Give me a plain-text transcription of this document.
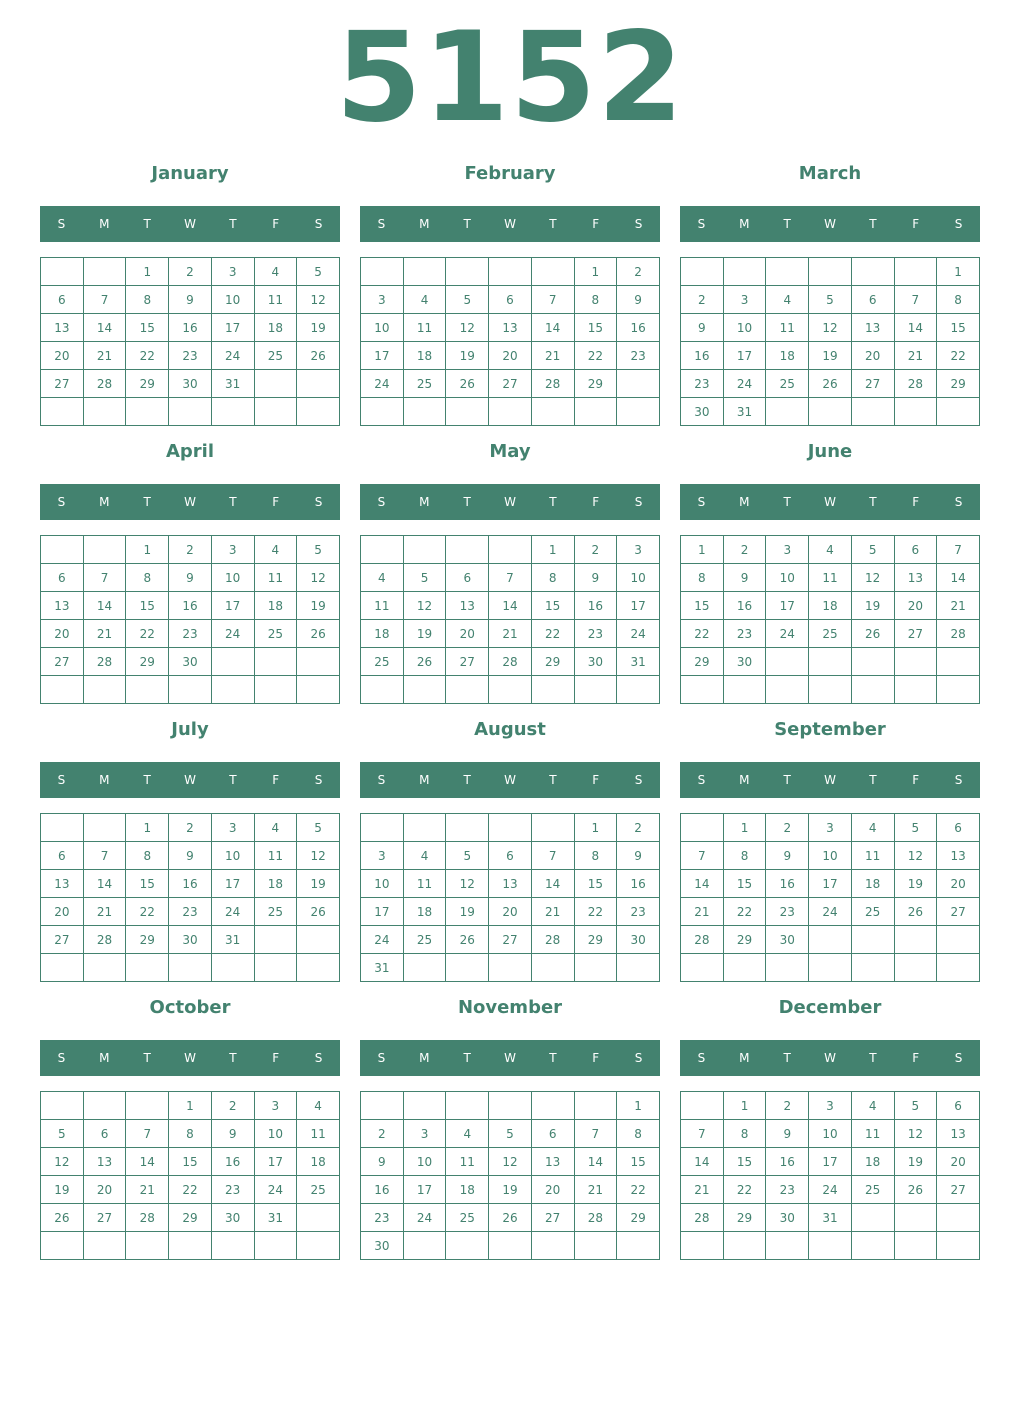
5152
January
S	M	T	W	T	F	S
		1	2	3	4	5
6	7	8	9	10	11	12
13	14	15	16	17	18	19
20	21	22	23	24	25	26
27	28	29	30	31		

February
S	M	T	W	T	F	S
					1	2
3	4	5	6	7	8	9
10	11	12	13	14	15	16
17	18	19	20	21	22	23
24	25	26	27	28	29	

March
S	M	T	W	T	F	S
						1
2	3	4	5	6	7	8
9	10	11	12	13	14	15
16	17	18	19	20	21	22
23	24	25	26	27	28	29
30	31					
April
S	M	T	W	T	F	S
		1	2	3	4	5
6	7	8	9	10	11	12
13	14	15	16	17	18	19
20	21	22	23	24	25	26
27	28	29	30			

May
S	M	T	W	T	F	S
				1	2	3
4	5	6	7	8	9	10
11	12	13	14	15	16	17
18	19	20	21	22	23	24
25	26	27	28	29	30	31

June
S	M	T	W	T	F	S
1	2	3	4	5	6	7
8	9	10	11	12	13	14
15	16	17	18	19	20	21
22	23	24	25	26	27	28
29	30					

July
S	M	T	W	T	F	S
		1	2	3	4	5
6	7	8	9	10	11	12
13	14	15	16	17	18	19
20	21	22	23	24	25	26
27	28	29	30	31		

August
S	M	T	W	T	F	S
					1	2
3	4	5	6	7	8	9
10	11	12	13	14	15	16
17	18	19	20	21	22	23
24	25	26	27	28	29	30
31						
September
S	M	T	W	T	F	S
	1	2	3	4	5	6
7	8	9	10	11	12	13
14	15	16	17	18	19	20
21	22	23	24	25	26	27
28	29	30				

October
S	M	T	W	T	F	S
			1	2	3	4
5	6	7	8	9	10	11
12	13	14	15	16	17	18
19	20	21	22	23	24	25
26	27	28	29	30	31	

November
S	M	T	W	T	F	S
						1
2	3	4	5	6	7	8
9	10	11	12	13	14	15
16	17	18	19	20	21	22
23	24	25	26	27	28	29
30						
December
S	M	T	W	T	F	S
	1	2	3	4	5	6
7	8	9	10	11	12	13
14	15	16	17	18	19	20
21	22	23	24	25	26	27
28	29	30	31			
